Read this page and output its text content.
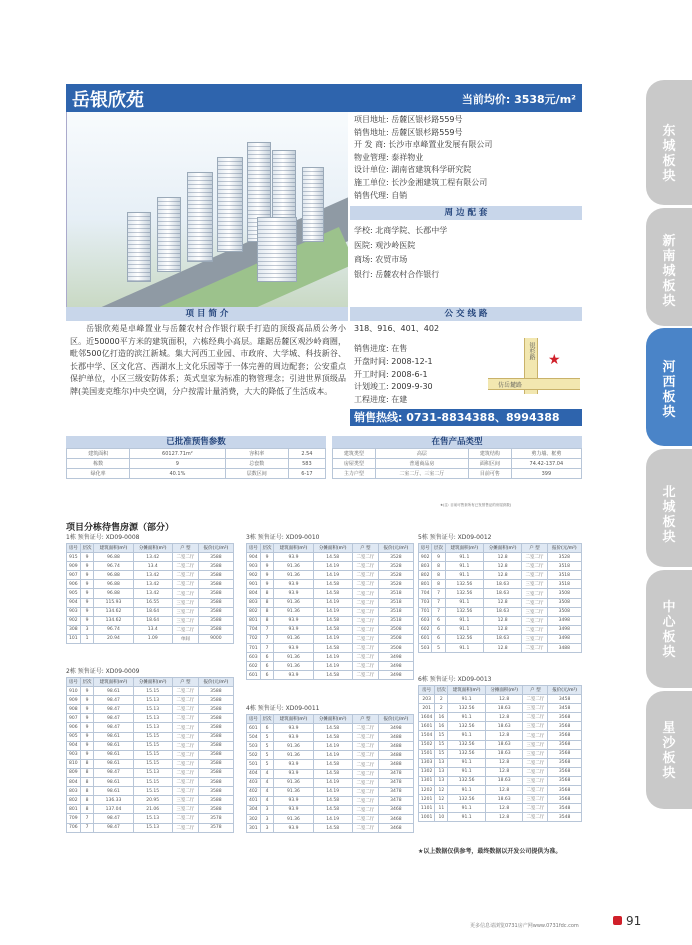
岳银欣苑	当前均价: 3538元/m²
项目地址: 岳麓区银杉路559号
销售地址: 岳麓区银杉路559号
开 发 商: 长沙市卓峰置业发展有限公司
物业管理: 泰祥物业
设计单位: 湖南省建筑科学研究院
施工单位: 长沙金湘建筑工程有限公司
销售代理: 自销
周 边 配 套
学校: 北商学院、长郡中学
医院: 观沙岭医院
商场: 农贸市场
银行: 岳麓农村合作银行
项 目 简 介
岳银欣苑是卓峰置业与岳麓农村合作银行联手打造的顶级高品质公务小区。近50000平方米的建筑面积，六栋经典小高层。雄踞岳麓区观沙岭商圈，毗邻500亿打造的滨江新城。集大河西工业园、市政府、大学城、科技新谷、长郡中学、区文化宫、西湖水上文化乐园等于一体完善的周边配套；公安重点保护单位，小区三级安防体系；英式皇家为标准的物管理念；引进世界顶级品牌(美国麦克维尔)中央空调，分户按需计量消费，大大的降低了生活成本。
公 交 线 路
318、916、401、402
销售进度: 在售
开盘时间: 2008-12-1
开工时间: 2008-6-1
计划竣工: 2009-9-30
工程进度: 在建
银杉路
仿岳麓路
★
销售热线: 0731-8834388、8994388
已批准预售参数
建筑面积	60127.71m²	容积率	2.54
栋数	9	总套数	583
绿化率	40.1%	层数区间	6-17
在售产品类型
建筑类型	高层	建筑结构	剪力墙、框剪
房屋类型	普通商品房	面积区间	74.42-137.04
主力户型	二室二厅、三室二厅	目前可售	399
★(注: 目前可售套所有已发预售证的房屋套数)
项目分栋待售房源（部分）
1栋 预售证号: XD09-0008
房号	层次	建筑面积(m²)	分摊面积(m²)	户 型	报价(元/m²)
915	9	96.88	13.42	二室二厅	3588
909	9	96.74	13.4	二室二厅	3588
907	9	96.88	13.42	二室二厅	3588
906	9	96.88	13.42	二室二厅	3588
905	9	96.88	13.42	二室二厅	3588
904	9	115.93	16.55	三室二厅	3588
903	9	134.62	18.64	三室二厅	3588
902	9	134.62	18.64	三室二厅	3588
308	3	96.74	13.4	二室二厅	3588
101	1	20.94	1.09	单间	9000
2栋 预售证号: XD09-0009
房号	层次	建筑面积(m²)	分摊面积(m²)	户 型	报价(元/m²)
910	9	98.61	15.15	二室二厅	3588
909	9	98.47	15.13	二室二厅	3588
908	9	98.47	15.13	二室二厅	3588
907	9	98.47	15.13	二室二厅	3588
906	9	98.47	15.13	二室二厅	3588
905	9	98.61	15.15	二室二厅	3588
904	9	98.61	15.15	二室二厅	3588
903	9	98.61	15.15	二室二厅	3588
810	8	98.61	15.15	二室二厅	3588
809	8	98.47	15.13	二室二厅	3588
804	8	98.61	15.15	二室二厅	3588
803	8	98.61	15.15	二室二厅	3588
802	8	136.33	20.95	三室二厅	3588
801	8	137.04	21.06	三室二厅	3588
709	7	98.47	15.13	二室二厅	3578
706	7	98.47	15.13	二室二厅	3578
3栋 预售证号: XD09-0010
房号	层次	建筑面积(m²)	分摊面积(m²)	户 型	报价(元/m²)
904	9	93.9	14.58	二室二厅	3528
903	9	91.36	14.19	二室二厅	3528
902	9	91.36	14.19	二室二厅	3528
901	9	93.9	14.58	二室二厅	3528
804	8	93.9	14.58	二室二厅	3518
803	8	91.36	14.19	二室二厅	3518
802	8	91.36	14.19	二室二厅	3518
801	8	93.9	14.58	二室二厅	3518
704	7	93.9	14.58	二室二厅	3508
702	7	91.36	14.19	二室二厅	3508
701	7	93.9	14.58	二室二厅	3508
603	6	91.36	14.19	二室二厅	3498
602	6	91.36	14.19	二室二厅	3498
601	6	93.9	14.58	二室二厅	3498
4栋 预售证号: XD09-0011
房号	层次	建筑面积(m²)	分摊面积(m²)	户 型	报价(元/m²)
601	6	93.9	14.58	二室二厅	3498
504	5	93.9	14.58	二室二厅	3488
503	5	91.36	14.19	二室二厅	3488
502	5	91.36	14.19	二室二厅	3488
501	5	93.9	14.58	二室二厅	3488
404	4	93.9	14.58	二室二厅	3478
403	4	91.36	14.19	二室二厅	3478
402	4	91.36	14.19	二室二厅	3478
401	4	93.9	14.58	二室二厅	3478
304	3	93.9	14.58	二室二厅	3468
302	3	91.36	14.19	二室二厅	3468
301	3	93.9	14.58	二室二厅	3468
5栋 预售证号: XD09-0012
房号	层次	建筑面积(m²)	分摊面积(m²)	户 型	报价(元/m²)
902	9	91.1	12.8	二室二厅	3528
803	8	91.1	12.8	二室二厅	3518
802	8	91.1	12.8	二室二厅	3518
801	8	132.56	18.63	三室二厅	3518
704	7	132.56	18.63	三室二厅	3508
703	7	91.1	12.8	二室二厅	3508
701	7	132.56	18.63	三室二厅	3508
603	6	91.1	12.8	二室二厅	3498
602	6	91.1	12.8	二室二厅	3498
601	6	132.56	18.63	三室二厅	3498
503	5	91.1	12.8	二室二厅	3488
6栋 预售证号: XD09-0013
房号	层次	建筑面积(m²)	分摊面积(m²)	户 型	报价(元/m²)
203	2	91.1	12.8	二室二厅	3458
201	2	132.56	18.63	三室二厅	3458
1604	16	91.1	12.8	二室二厅	3568
1601	16	132.56	18.63	三室二厅	3568
1504	15	91.1	12.8	二室二厅	3568
1502	15	132.56	18.63	三室二厅	3568
1501	15	132.56	18.63	三室二厅	3568
1303	13	91.1	12.8	二室二厅	3568
1302	13	91.1	12.8	二室二厅	3568
1301	13	132.56	18.63	三室二厅	3568
1202	12	91.1	12.8	二室二厅	3568
1201	12	132.56	18.63	三室二厅	3568
1101	11	91.1	12.8	二室二厅	3548
1001	10	91.1	12.8	二室二厅	3548
★以上数据仅供参考，最终数据以开发公司提供为准。
更多信息请浏览0731房产网www.0731fdc.com	91
东城板块
新南城板块
河西板块
北城板块
中心板块
星沙板块
